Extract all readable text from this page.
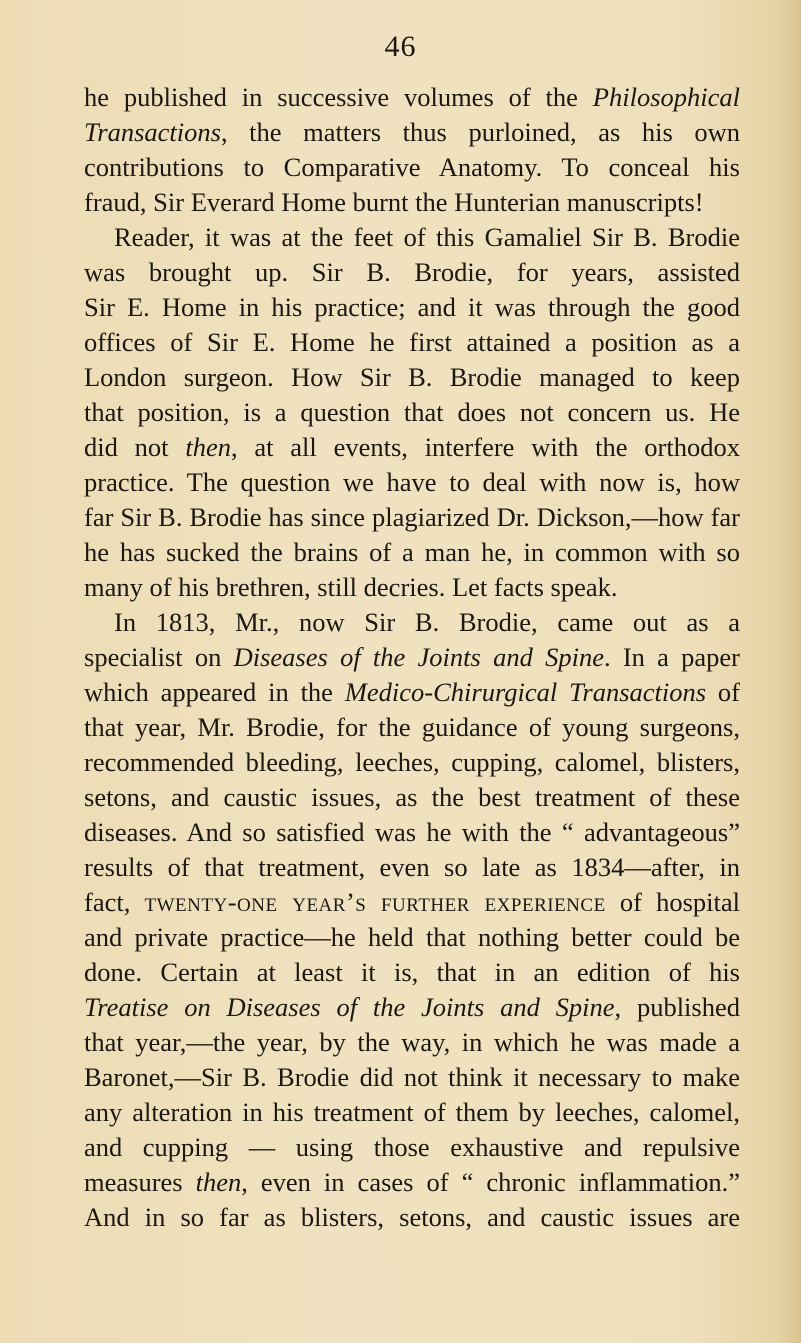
46
he published in successive volumes of the Philosophical
Transactions, the matters thus purloined, as his own
contributions to Comparative Anatomy. To conceal his
fraud, Sir Everard Home burnt the Hunterian manuscripts!
Reader, it was at the feet of this Gamaliel Sir B. Brodie
was brought up. Sir B. Brodie, for years, assisted
Sir E. Home in his practice; and it was through the good
offices of Sir E. Home he first attained a position as a
London surgeon. How Sir B. Brodie managed to keep
that position, is a question that does not concern us. He
did not then, at all events, interfere with the orthodox
practice. The question we have to deal with now is, how
far Sir B. Brodie has since plagiarized Dr. Dickson,—how far
he has sucked the brains of a man he, in common with so
many of his brethren, still decries. Let facts speak.
In 1813, Mr., now Sir B. Brodie, came out as a
specialist on Diseases of the Joints and Spine. In a paper
which appeared in the Medico-Chirurgical Transactions of
that year, Mr. Brodie, for the guidance of young surgeons,
recommended bleeding, leeches, cupping, calomel, blisters,
setons, and caustic issues, as the best treatment of these
diseases. And so satisfied was he with the “ advantageous”
results of that treatment, even so late as 1834—after, in
fact, twenty-one year’s further experience of hospital
and private practice—he held that nothing better could be
done. Certain at least it is, that in an edition of his
Treatise on Diseases of the Joints and Spine, published
that year,—the year, by the way, in which he was made a
Baronet,—Sir B. Brodie did not think it necessary to make
any alteration in his treatment of them by leeches, calomel,
and cupping — using those exhaustive and repulsive
measures then, even in cases of “ chronic inflammation.”
And in so far as blisters, setons, and caustic issues are
